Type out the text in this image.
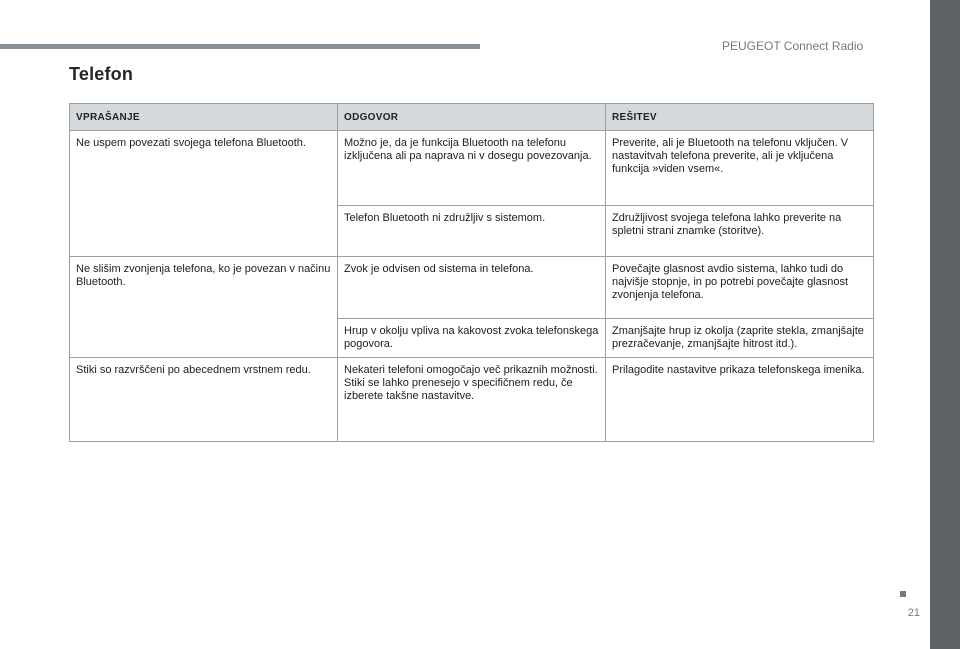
PEUGEOT Connect Radio
Telefon
VPRAŠANJE	ODGOVOR	REŠITEV
Ne uspem povezati svojega telefona Bluetooth.	Možno je, da je funkcija Bluetooth na telefonu izključena ali pa naprava ni v dosegu povezovanja.	Preverite, ali je Bluetooth na telefonu vključen. V nastavitvah telefona preverite, ali je vključena funkcija »viden vsem«.
	Telefon Bluetooth ni združljiv s sistemom.	Združljivost svojega telefona lahko preverite na spletni strani znamke (storitve).
Ne slišim zvonjenja telefona, ko je povezan v načinu Bluetooth.	Zvok je odvisen od sistema in telefona.	Povečajte glasnost avdio sistema, lahko tudi do najvišje stopnje, in po potrebi povečajte glasnost zvonjenja telefona.
	Hrup v okolju vpliva na kakovost zvoka telefonskega pogovora.	Zmanjšajte hrup iz okolja (zaprite stekla, zmanjšajte prezračevanje, zmanjšajte hitrost itd.).
Stiki so razvrščeni po abecednem vrstnem redu.	Nekateri telefoni omogočajo več prikaznih možnosti. Stiki se lahko prenesejo v specifičnem redu, če izberete takšne nastavitve.	Prilagodite nastavitve prikaza telefonskega imenika.
21
